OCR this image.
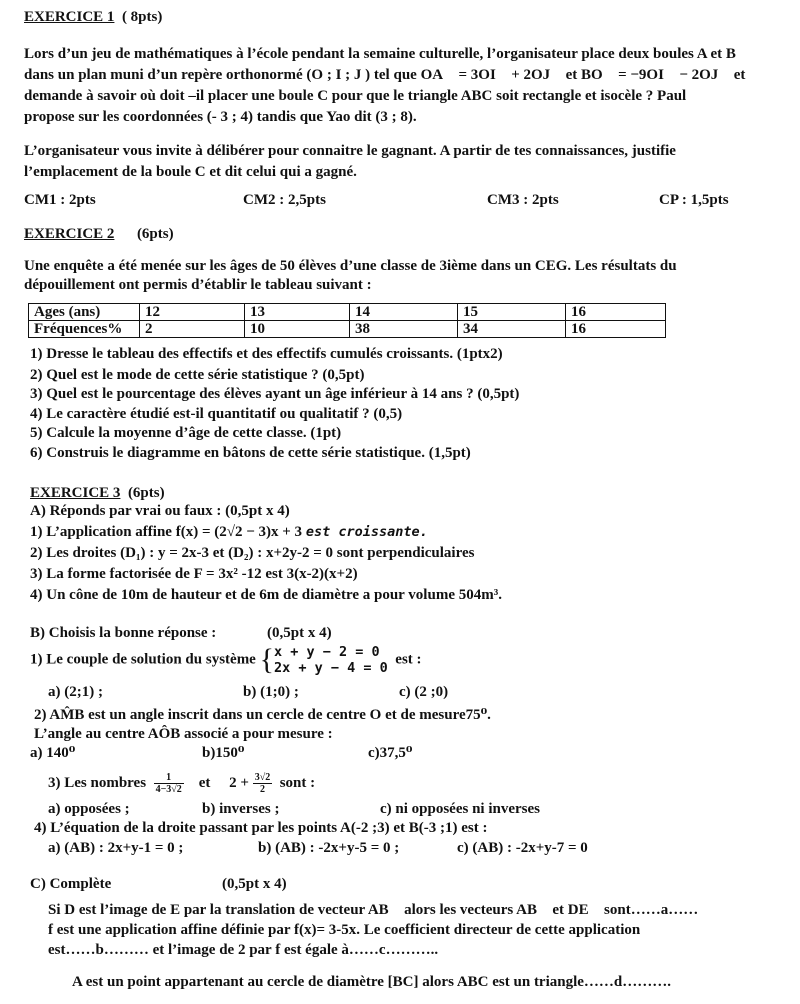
EXERCICE 1 ( 8pts)
Lors d’un jeu de mathématiques à l’école pendant la semaine culturelle, l’organisateur place deux boules A et B
dans un plan muni d’un repère orthonormé (O ; I ; J ) tel que OA⃗ = 3OI⃗ + 2OJ⃗ et BO⃗ = −9OI⃗ − 2OJ⃗ et
demande à savoir où doit –il placer une boule C pour que le triangle ABC soit rectangle et isocèle ? Paul
propose sur les coordonnées (- 3 ; 4) tandis que Yao dit (3 ; 8).
L’organisateur vous invite à délibérer pour connaitre le gagnant. A partir de tes connaissances, justifie
l’emplacement de la boule C et dit celui qui a gagné.
CM1 : 2pts	CM2 : 2,5pts	CM3 : 2pts	CP : 1,5pts
EXERCICE 2 (6pts)
Une enquête a été menée sur les âges de 50 élèves d’une classe de 3ième dans un CEG. Les résultats du
dépouillement ont permis d’établir le tableau suivant :
Ages (ans)	12	13	14	15	16
Fréquences%	2	10	38	34	16
1) Dresse le tableau des effectifs et des effectifs cumulés croissants. (1ptx2)
2) Quel est le mode de cette série statistique ? (0,5pt)
3) Quel est le pourcentage des élèves ayant un âge inférieur à 14 ans ? (0,5pt)
4) Le caractère étudié est-il quantitatif ou qualitatif ? (0,5)
5) Calcule la moyenne d’âge de cette classe. (1pt)
6) Construis le diagramme en bâtons de cette série statistique. (1,5pt)
EXERCICE 3 (6pts)
A) Réponds par vrai ou faux : (0,5pt x 4)
1) L’application affine f(x) = (2√2 − 3)x + 3 est croissante.
2) Les droites (D₁) : y = 2x-3 et (D₂) : x+2y-2 = 0 sont perpendiculaires
3) La forme factorisée de F = 3x² -12 est 3(x-2)(x+2)
4) Un cône de 10m de hauteur et de 6m de diamètre a pour volume 504m³.
B) Choisis la bonne réponse :	(0,5pt x 4)
1) Le couple de solution du système { x + y − 2 = 0
2x + y − 4 = 0
est :
a) (2;1) ;	b) (1;0) ;	c) (2 ;0)
2) AM̂B est un angle inscrit dans un cercle de centre O et de mesure75⁰.
L’angle au centre AÔB associé a pour mesure :
a) 140⁰	b)150⁰	c)37,5⁰
3) Les nombres $\frac{1}{4-3√2}$ et $2 + \frac{3√2}{2}$ sont :
a) opposées ;	b) inverses ;	c) ni opposées ni inverses
4) L’équation de la droite passant par les points A(-2 ;3) et B(-3 ;1) est :
a) (AB) : 2x+y-1 = 0 ;	b) (AB) : -2x+y-5 = 0 ;	c) (AB) : -2x+y-7 = 0
C) Complète	(0,5pt x 4)
Si D est l’image de E par la translation de vecteur AB⃗ alors les vecteurs AB⃗ et DE⃗ sont……a……
f est une application affine définie par f(x)= 3-5x. Le coefficient directeur de cette application
est……b……… et l’image de 2 par f est égale à……c………..
A est un point appartenant au cercle de diamètre [BC] alors ABC est un triangle……d……….
